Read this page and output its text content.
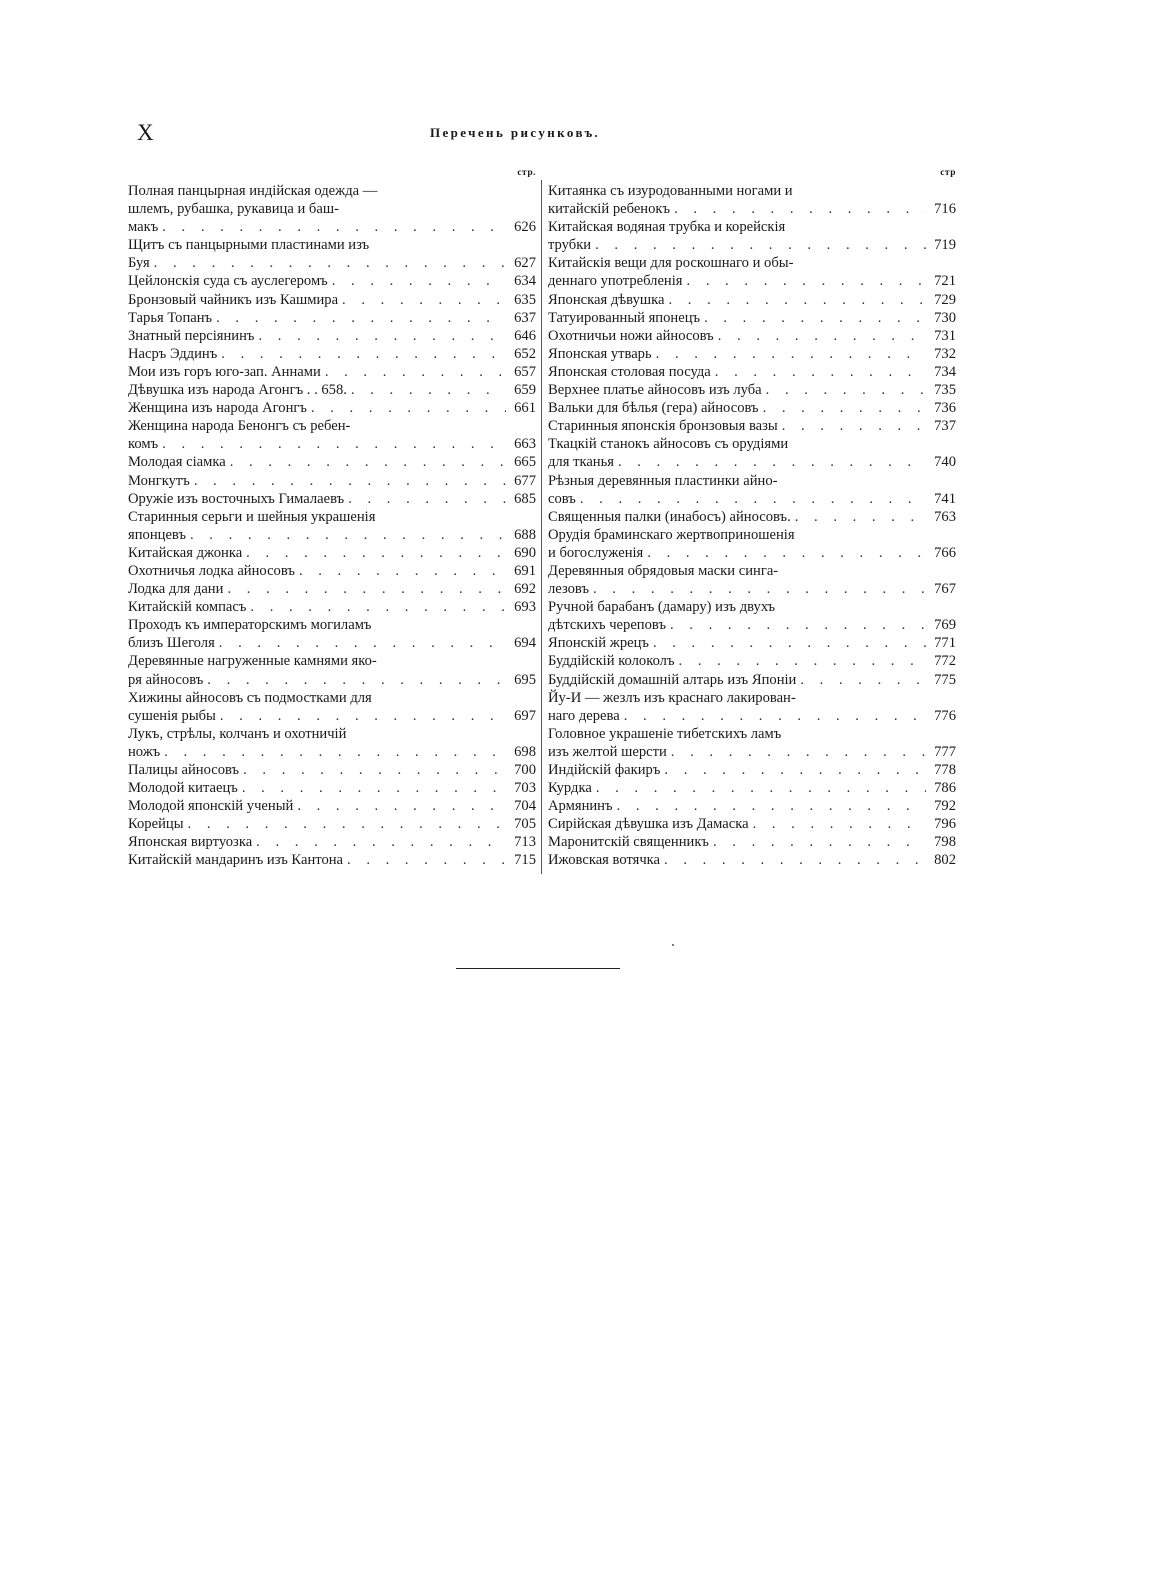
X	Перечень рисунковъ.
стр.
Полная панцырная индійская одежда —
шлемъ, рубашка, рукавица и баш-
макъ . . .	626
Щитъ съ панцырными пластинами изъ
Буя . . .	627
Цейлонскія суда съ ауслегеромъ . . .	634
Бронзовый чайникъ изъ Кашмира . . .	635
Тарья Топанъ . . .	637
Знатный персіянинъ . . .	646
Насръ Эддинъ . . .	652
Мои изъ горъ юго-зап. Аннами . . .	657
Дѣвушка изъ народа Агонгъ . . 658. . . .	659
Женщина изъ народа Агонгъ . . .	661
Женщина народа Бенонгъ съ ребен-
комъ . . .	663
Молодая сіамка . . .	665
Монгкутъ . . .	677
Оружіе изъ восточныхъ Гималаевъ . . .	685
Старинныя серьги и шейныя украшенія
японцевъ . . .	688
Китайская джонка . . .	690
Охотничья лодка айносовъ . . .	691
Лодка для дани . . .	692
Китайскій компасъ . . .	693
Проходъ къ императорскимъ могиламъ
близъ Шеголя . . .	694
Деревянные нагруженные камнями яко-
ря айносовъ . . .	695
Хижины айносовъ съ подмостками для
сушенія рыбы . . .	697
Лукъ, стрѣлы, колчанъ и охотничій
ножъ . . .	698
Палицы айносовъ . . .	700
Молодой китаецъ . . .	703
Молодой японскій ученый . . .	704
Корейцы . . .	705
Японская виртуозка . . .	713
Китайскій мандаринъ изъ Кантона . . .	715
стр
Китаянка съ изуродованными ногами и
китайскій ребенокъ . . .	716
Китайская водяная трубка и корейскія
трубки . . .	719
Китайскія вещи для роскошнаго и обы-
деннаго употребленія . . .	721
Японская дѣвушка . . .	729
Татуированный японецъ . . .	730
Охотничьи ножи айносовъ . . .	731
Японская утварь . . .	732
Японская столовая посуда . . .	734
Верхнее платье айносовъ изъ луба . . .	735
Вальки для бѣлья (гера) айносовъ . . .	736
Старинныя японскія бронзовыя вазы . . .	737
Ткацкій станокъ айносовъ съ орудіями
для тканья . . .	740
Рѣзныя деревянныя пластинки айно-
совъ . . .	741
Священныя палки (инабосъ) айносовъ. . . .	763
Орудія браминскаго жертвоприношенія
и богослуженія . . .	766
Деревянныя обрядовыя маски синга-
лезовъ . . .	767
Ручной барабанъ (дамару) изъ двухъ
дѣтскихъ череповъ . . .	769
Японскій жрецъ . . .	771
Буддійскій колоколъ . . .	772
Буддійскій домашній алтарь изъ Японіи . . .	775
Йу-И — жезлъ изъ краснаго лакирован-
наго дерева . . .	776
Головное украшеніе тибетскихъ ламъ
изъ желтой шерсти . . .	777
Индійскій факиръ . . .	778
Курдка . . .	786
Армянинъ . . .	792
Сирійская дѣвушка изъ Дамаска . . .	796
Маронитскій священникъ . . .	798
Ижовская вотячка . . .	802
